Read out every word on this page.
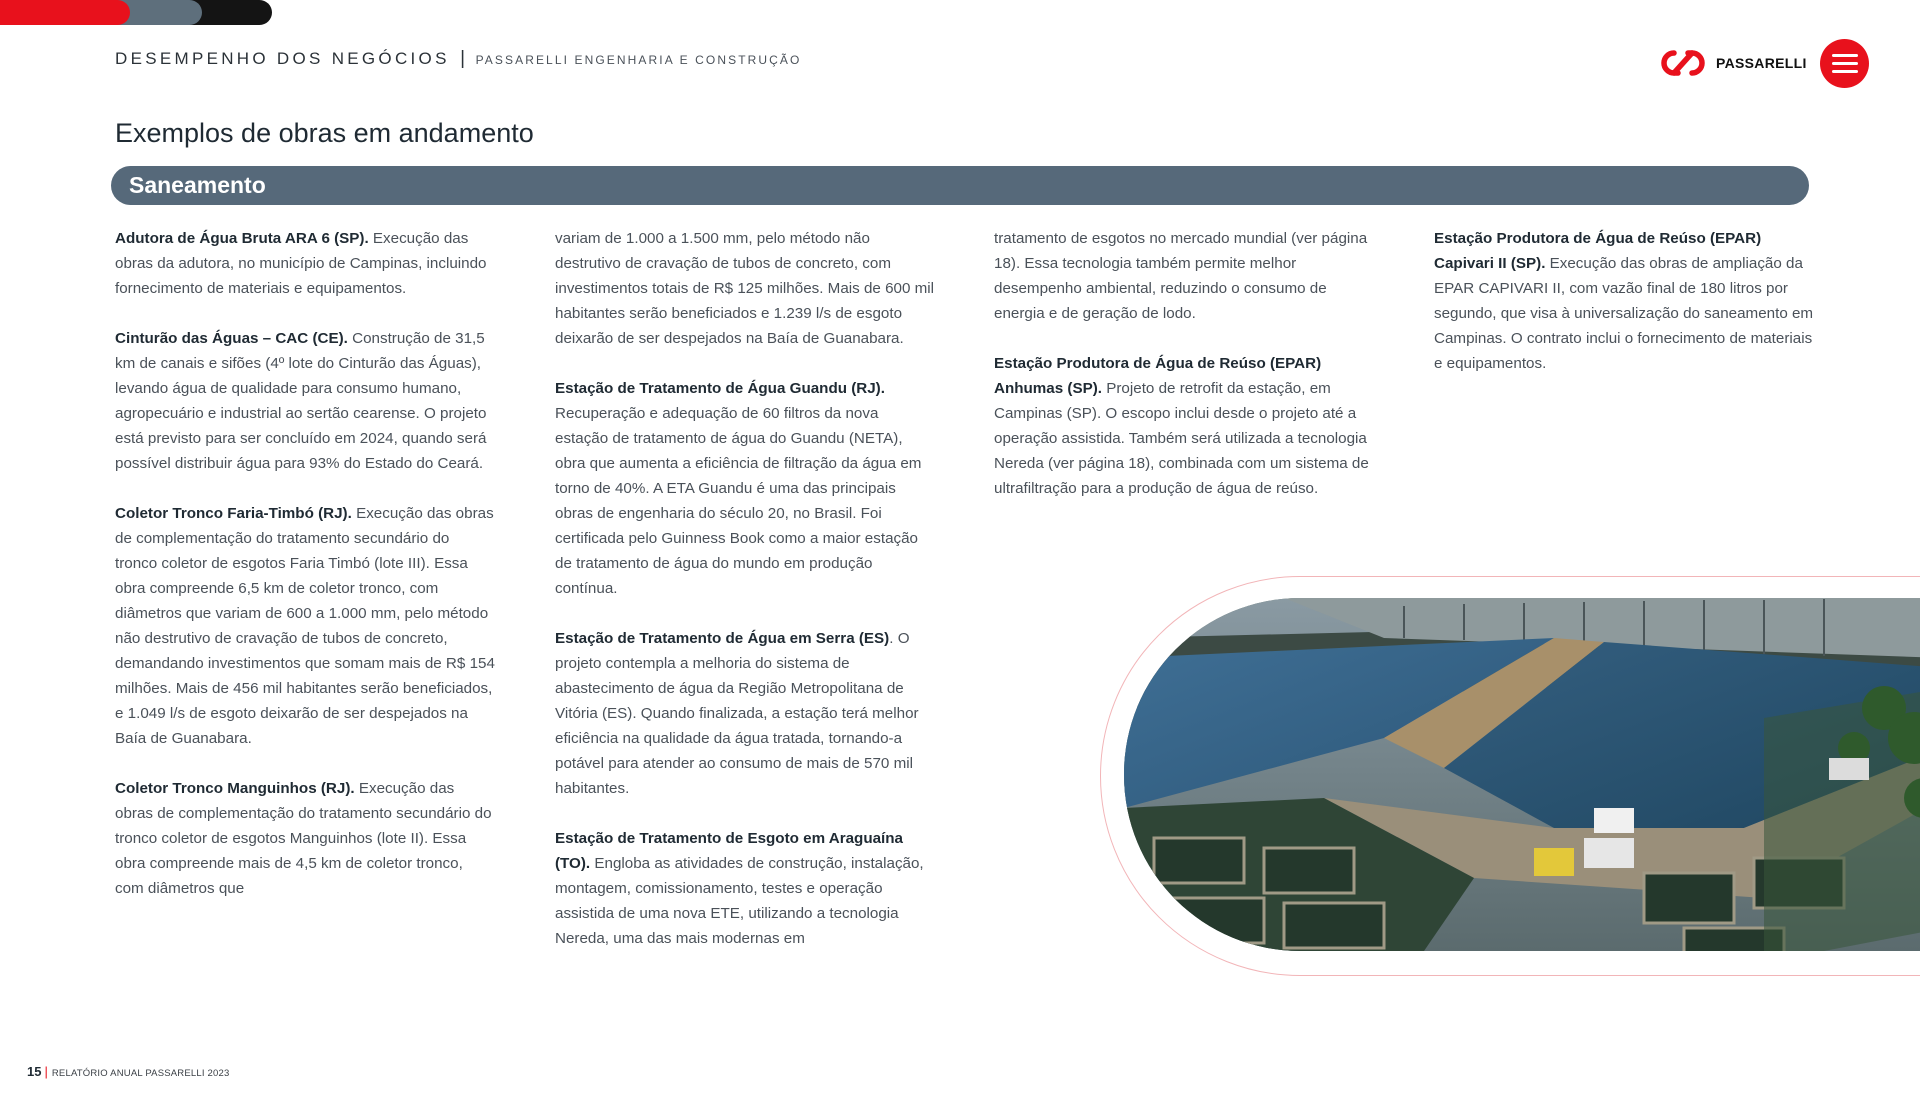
DESEMPENHO DOS NEGÓCIOS | PASSARELLI ENGENHARIA E CONSTRUÇÃO	PASSARELLI
Exemplos de obras em andamento
Saneamento

Adutora de Água Bruta ARA 6 (SP). Execução das obras da adutora, no município de Campinas, incluindo fornecimento de materiais e equipamentos.

Cinturão das Águas – CAC (CE). Construção de 31,5 km de canais e sifões (4º lote do Cinturão das Águas), levando água de qualidade para consumo humano, agropecuário e industrial ao sertão cearense. O projeto está previsto para ser concluído em 2024, quando será possível distribuir água para 93% do Estado do Ceará.

Coletor Tronco Faria-Timbó (RJ). Execução das obras de complementação do tratamento secundário do tronco coletor de esgotos Faria Timbó (lote III). Essa obra compreende 6,5 km de coletor tronco, com diâmetros que variam de 600 a 1.000 mm, pelo método não destrutivo de cravação de tubos de concreto, demandando investimentos que somam mais de R$ 154 milhões. Mais de 456 mil habitantes serão beneficiados, e 1.049 l/s de esgoto deixarão de ser despejados na Baía de Guanabara.

Coletor Tronco Manguinhos (RJ). Execução das obras de complementação do tratamento secundário do tronco coletor de esgotos Manguinhos (lote II). Essa obra compreende mais de 4,5 km de coletor tronco, com diâmetros que

variam de 1.000 a 1.500 mm, pelo método não destrutivo de cravação de tubos de concreto, com investimentos totais de R$ 125 milhões. Mais de 600 mil habitantes serão beneficiados e 1.239 l/s de esgoto deixarão de ser despejados na Baía de Guanabara.

Estação de Tratamento de Água Guandu (RJ). Recuperação e adequação de 60 filtros da nova estação de tratamento de água do Guandu (NETA), obra que aumenta a eficiência de filtração da água em torno de 40%. A ETA Guandu é uma das principais obras de engenharia do século 20, no Brasil. Foi certificada pelo Guinness Book como a maior estação de tratamento de água do mundo em produção contínua.

Estação de Tratamento de Água em Serra (ES). O projeto contempla a melhoria do sistema de abastecimento de água da Região Metropolitana de Vitória (ES). Quando finalizada, a estação terá melhor eficiência na qualidade da água tratada, tornando-a potável para atender ao consumo de mais de 570 mil habitantes.

Estação de Tratamento de Esgoto em Araguaína (TO). Engloba as atividades de construção, instalação, montagem, comissionamento, testes e operação assistida de uma nova ETE, utilizando a tecnologia Nereda, uma das mais modernas em

tratamento de esgotos no mercado mundial (ver página 18). Essa tecnologia também permite melhor desempenho ambiental, reduzindo o consumo de energia e de geração de lodo.

Estação Produtora de Água de Reúso (EPAR) Anhumas (SP). Projeto de retrofit da estação, em Campinas (SP). O escopo inclui desde o projeto até a operação assistida. Também será utilizada a tecnologia Nereda (ver página 18), combinada com um sistema de ultrafiltração para a produção de água de reúso.

Estação Produtora de Água de Reúso (EPAR) Capivari II (SP). Execução das obras de ampliação da EPAR CAPIVARI II, com vazão final de 180 litros por segundo, que visa à universalização do saneamento em Campinas. O contrato inclui o fornecimento de materiais e equipamentos.

15 | RELATÓRIO ANUAL PASSARELLI 2023
